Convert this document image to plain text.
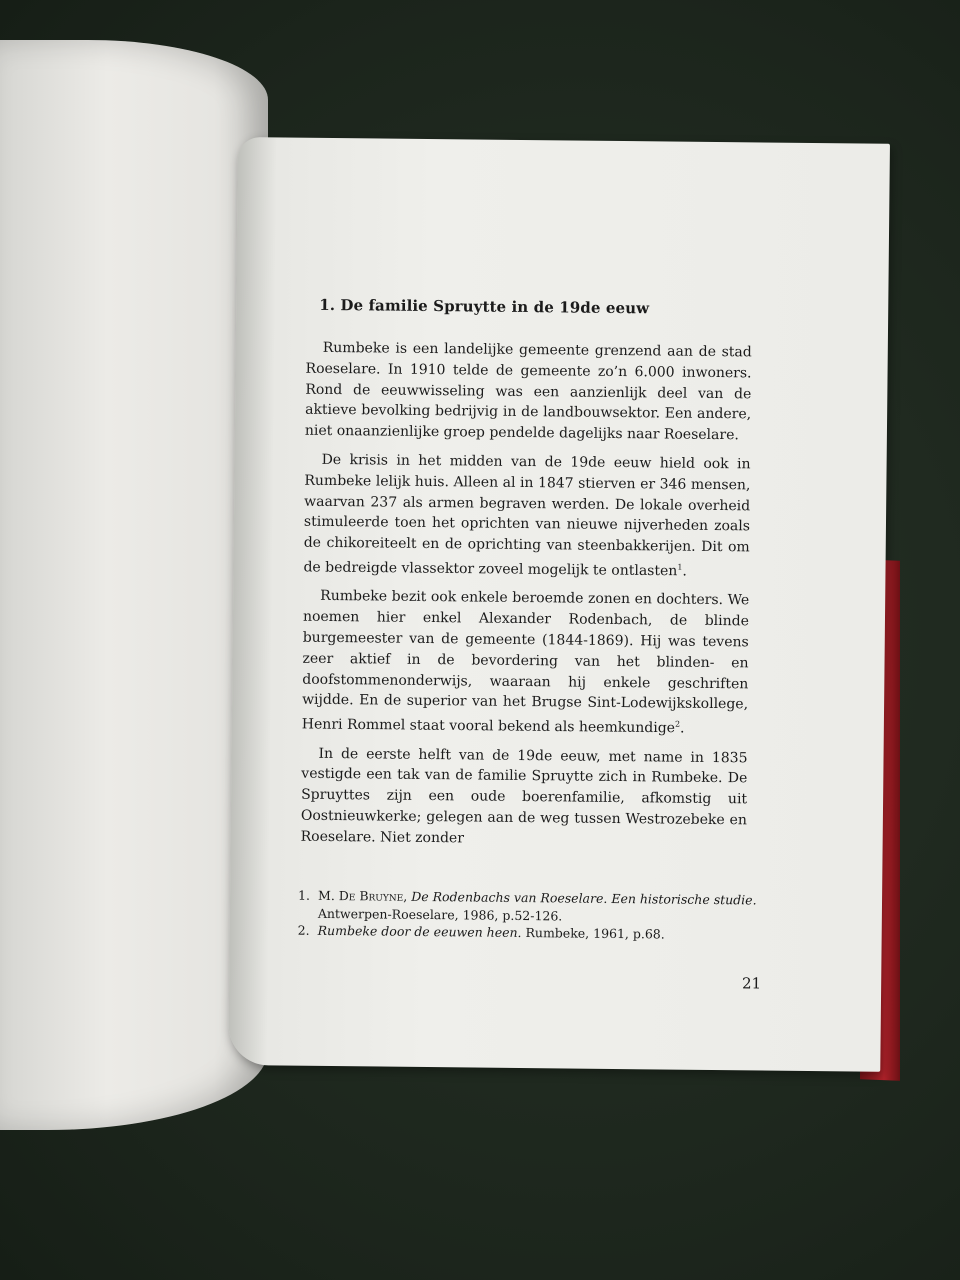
1. De familie Spruytte in de 19de eeuw

Rumbeke is een landelijke gemeente grenzend aan de stad Roeselare. In 1910 telde de gemeente zo’n 6.000 inwoners. Rond de eeuwwisseling was een aanzienlijk deel van de aktieve bevolking bedrijvig in de landbouwsektor. Een andere, niet onaanzienlijke groep pendelde dagelijks naar Roeselare.

De krisis in het midden van de 19de eeuw hield ook in Rumbeke lelijk huis. Alleen al in 1847 stierven er 346 mensen, waarvan 237 als armen begraven werden. De lokale overheid stimuleerde toen het oprichten van nieuwe nijverheden zoals de chikoreiteelt en de oprichting van steenbakkerijen. Dit om de bedreigde vlassektor zoveel mogelijk te ontlasten$^1$.

Rumbeke bezit ook enkele beroemde zonen en dochters. We noemen hier enkel Alexander Rodenbach, de blinde burgemeester van de gemeente (1844-1869). Hij was tevens zeer aktief in de bevordering van het blinden- en doofstommenonderwijs, waaraan hij enkele geschriften wijdde. En de superior van het Brugse Sint-Lodewijkskollege, Henri Rommel staat vooral bekend als heemkundige$^2$.

In de eerste helft van de 19de eeuw, met name in 1835 vestigde een tak van de familie Spruytte zich in Rumbeke. De Spruyttes zijn een oude boerenfamilie, afkomstig uit Oostnieuwkerke; gelegen aan de weg tussen Westrozebeke en Roeselare. Niet zonder

1. M. De Bruyne, De Rodenbachs van Roeselare. Een historische studie.
Antwerpen-Roeselare, 1986, p.52-126.
2. Rumbeke door de eeuwen heen. Rumbeke, 1961, p.68.
21
